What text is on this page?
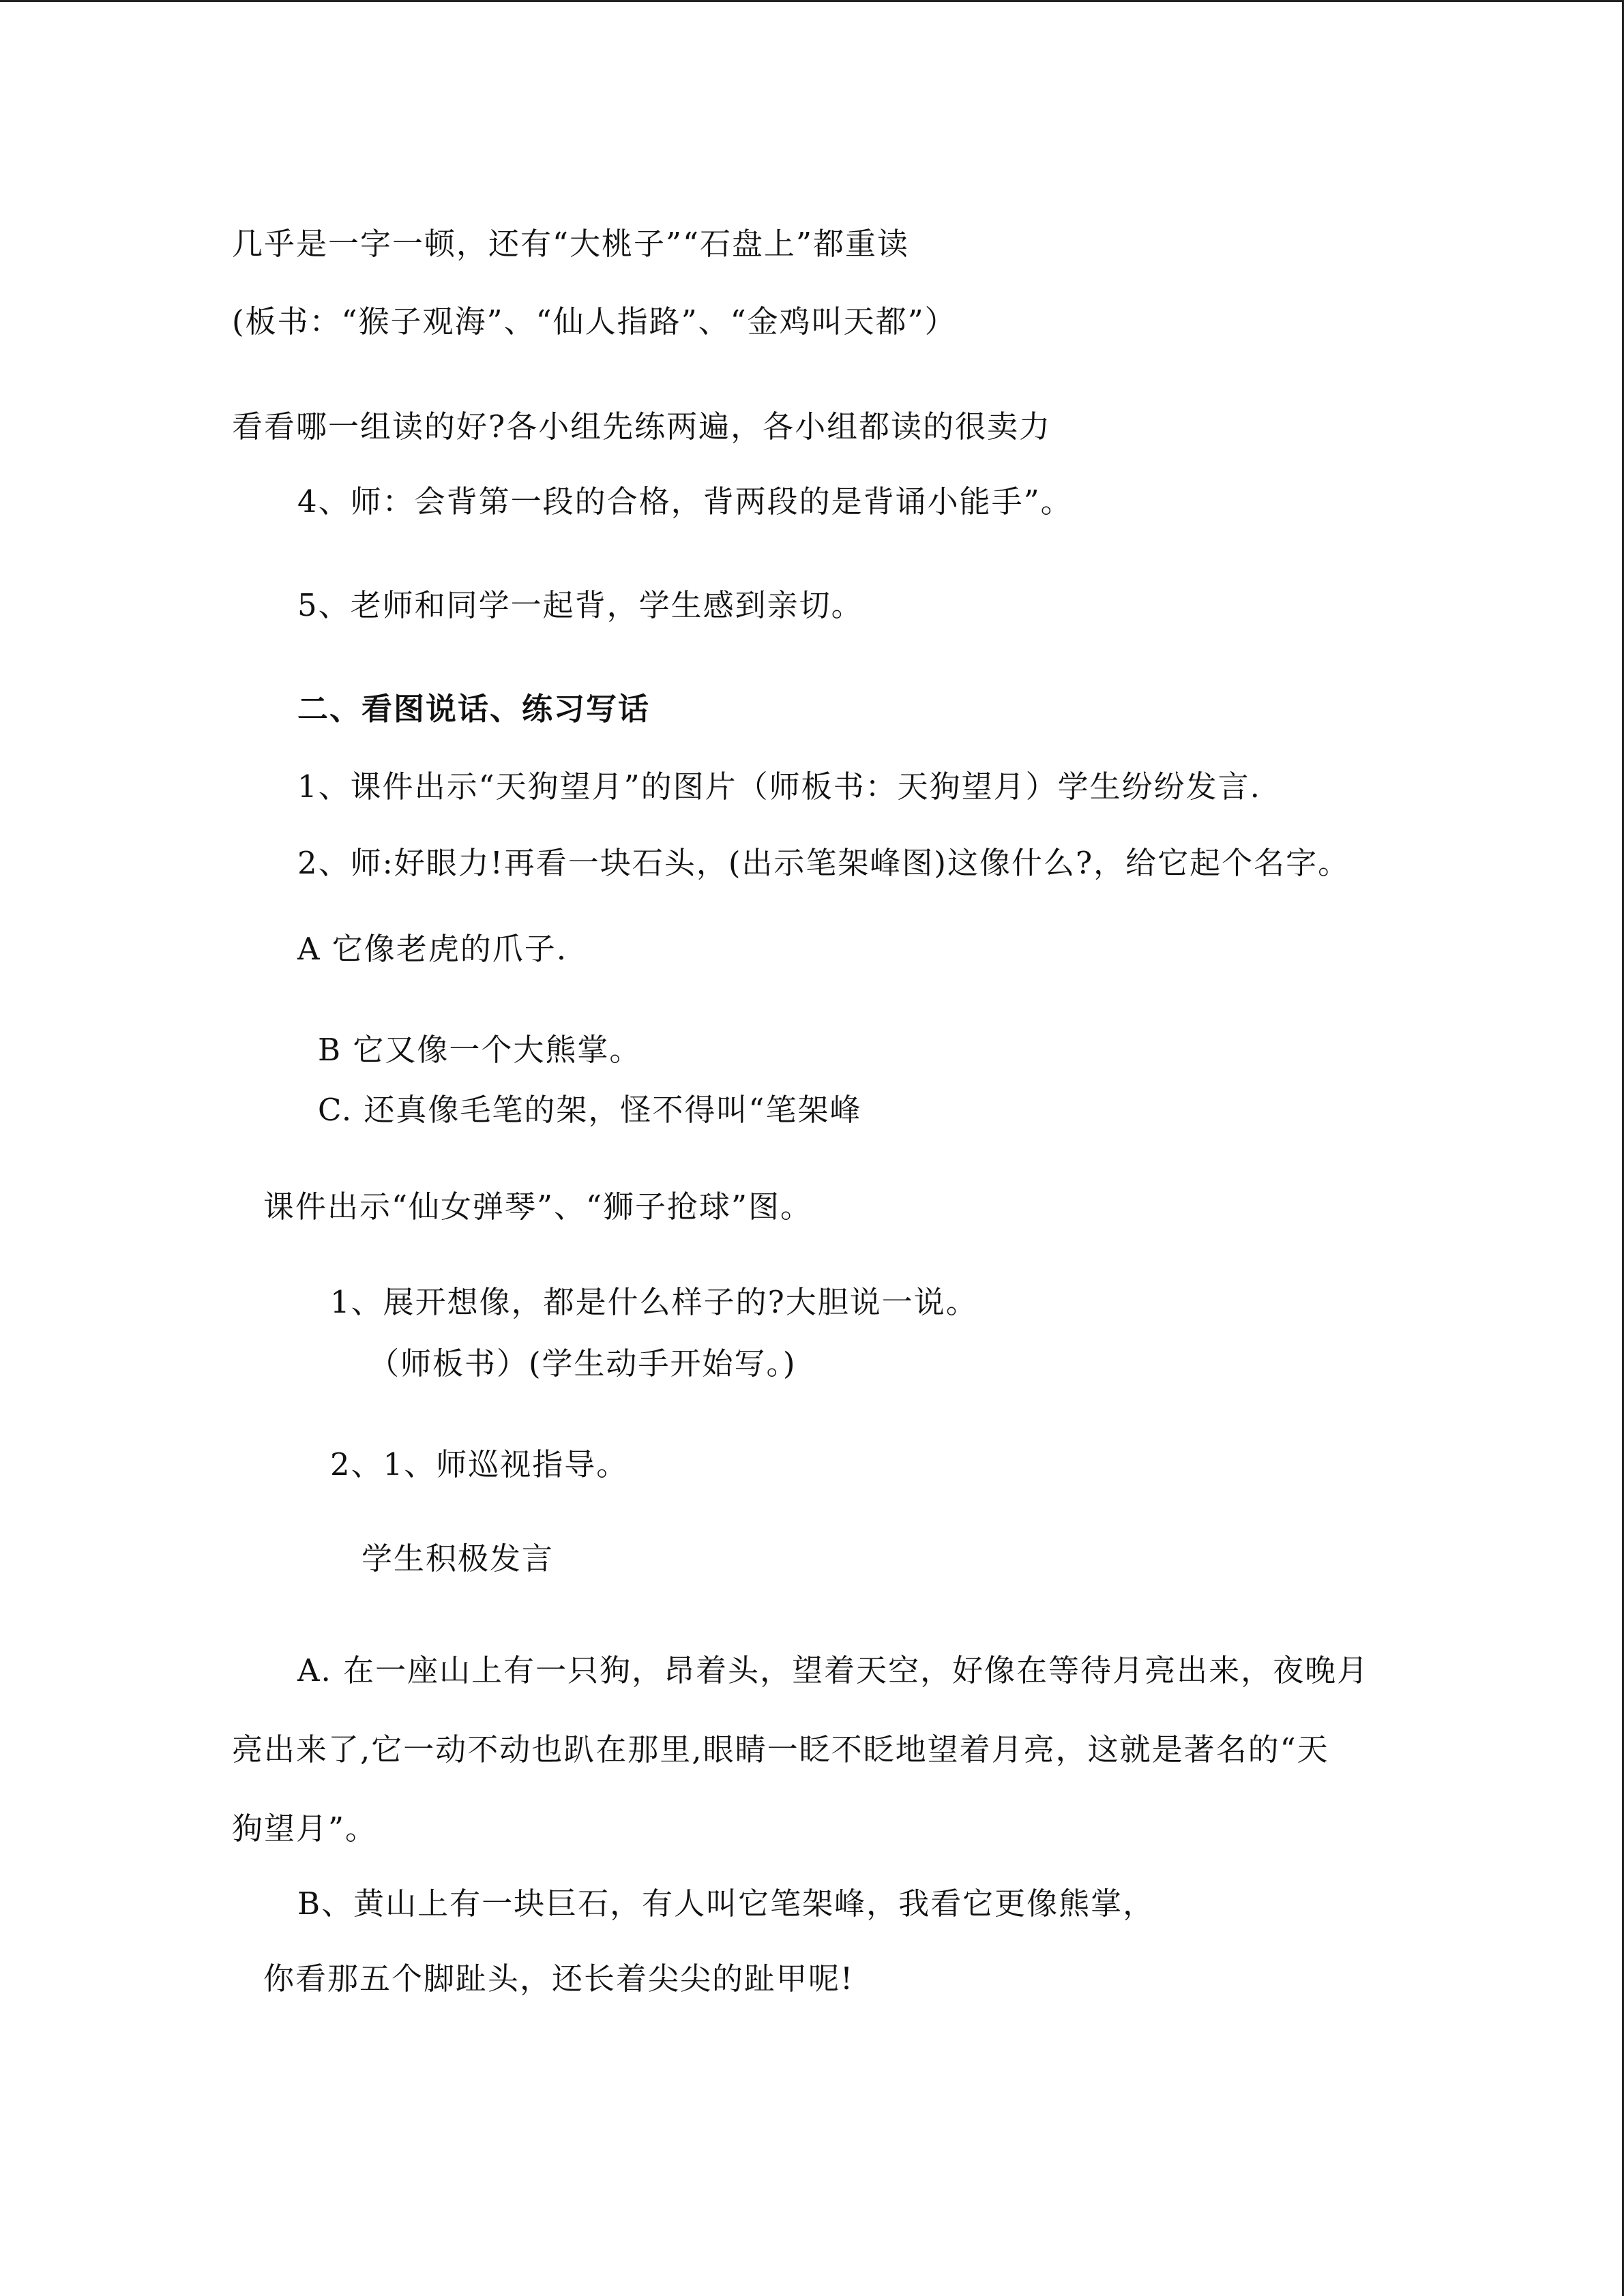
几乎是一字一顿，还有“大桃子”“石盘上”都重读

(板书：“猴子观海”、“仙人指路”、“金鸡叫天都”）

看看哪一组读的好?各小组先练两遍，各小组都读的很卖力

4、师：会背第一段的合格，背两段的是背诵小能手”。

5、老师和同学一起背，学生感到亲切。

二、看图说话、练习写话

1、课件出示“天狗望月”的图片（师板书：天狗望月）学生纷纷发言.

2、师:好眼力!再看一块石头，(出示笔架峰图)这像什么?，给它起个名字。

A 它像老虎的爪子.

B 它又像一个大熊掌。

C. 还真像毛笔的架，怪不得叫“笔架峰

课件出示“仙女弹琴”、“狮子抢球”图。

1、展开想像，都是什么样子的?大胆说一说。

（师板书）(学生动手开始写。)

2、1、师巡视指导。

学生积极发言

A. 在一座山上有一只狗，昂着头，望着天空，好像在等待月亮出来，夜晚月

亮出来了,它一动不动也趴在那里,眼睛一眨不眨地望着月亮，这就是著名的“天

狗望月”。

B、黄山上有一块巨石，有人叫它笔架峰，我看它更像熊掌，

你看那五个脚趾头，还长着尖尖的趾甲呢!
